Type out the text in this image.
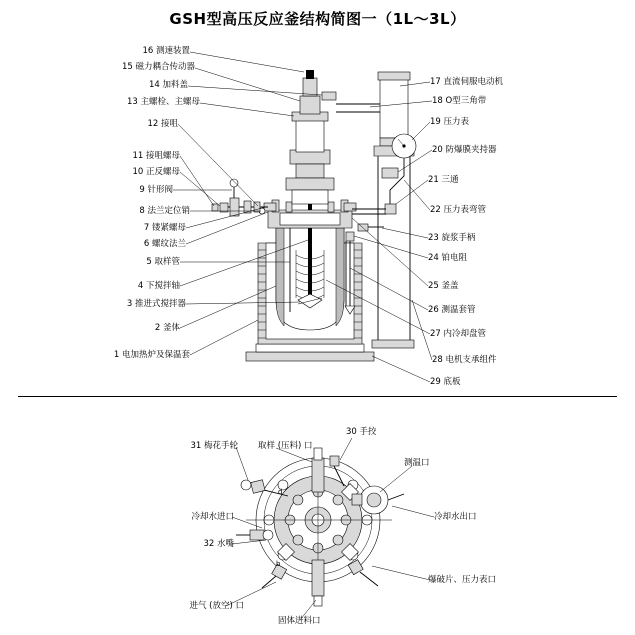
GSH型高压反应釜结构简图一（1L～3L）
d
b
16 测速装置
15 磁力耦合传动器
14 加料盖
13 主螺栓、主螺母
12 接咀
11 接咀螺母
10 正反螺母
9 针形阀
8 法兰定位销
7 镂紧螺母
6 螺纹法兰
5 取样管
4 下搅拌轴
3 推进式搅拌器
2 釜体
1 电加热炉及保温套
17 直流伺服电动机
18 O型三角带
19 压力表
20 防爆膜夹持器
21 三通
22 压力表弯管
23 旋浆手柄
24 铂电阻
25 釜盖
26 测温套管
27 内冷却盘管
28 电机支承组件
29 底板
31 梅花手轮 取样 (压料) 口
30 手挍
测温口
冷却水进口	冷却水出口
32 水嘴
爆破片、压力表口
进气 (放空) 口
固体进料口
